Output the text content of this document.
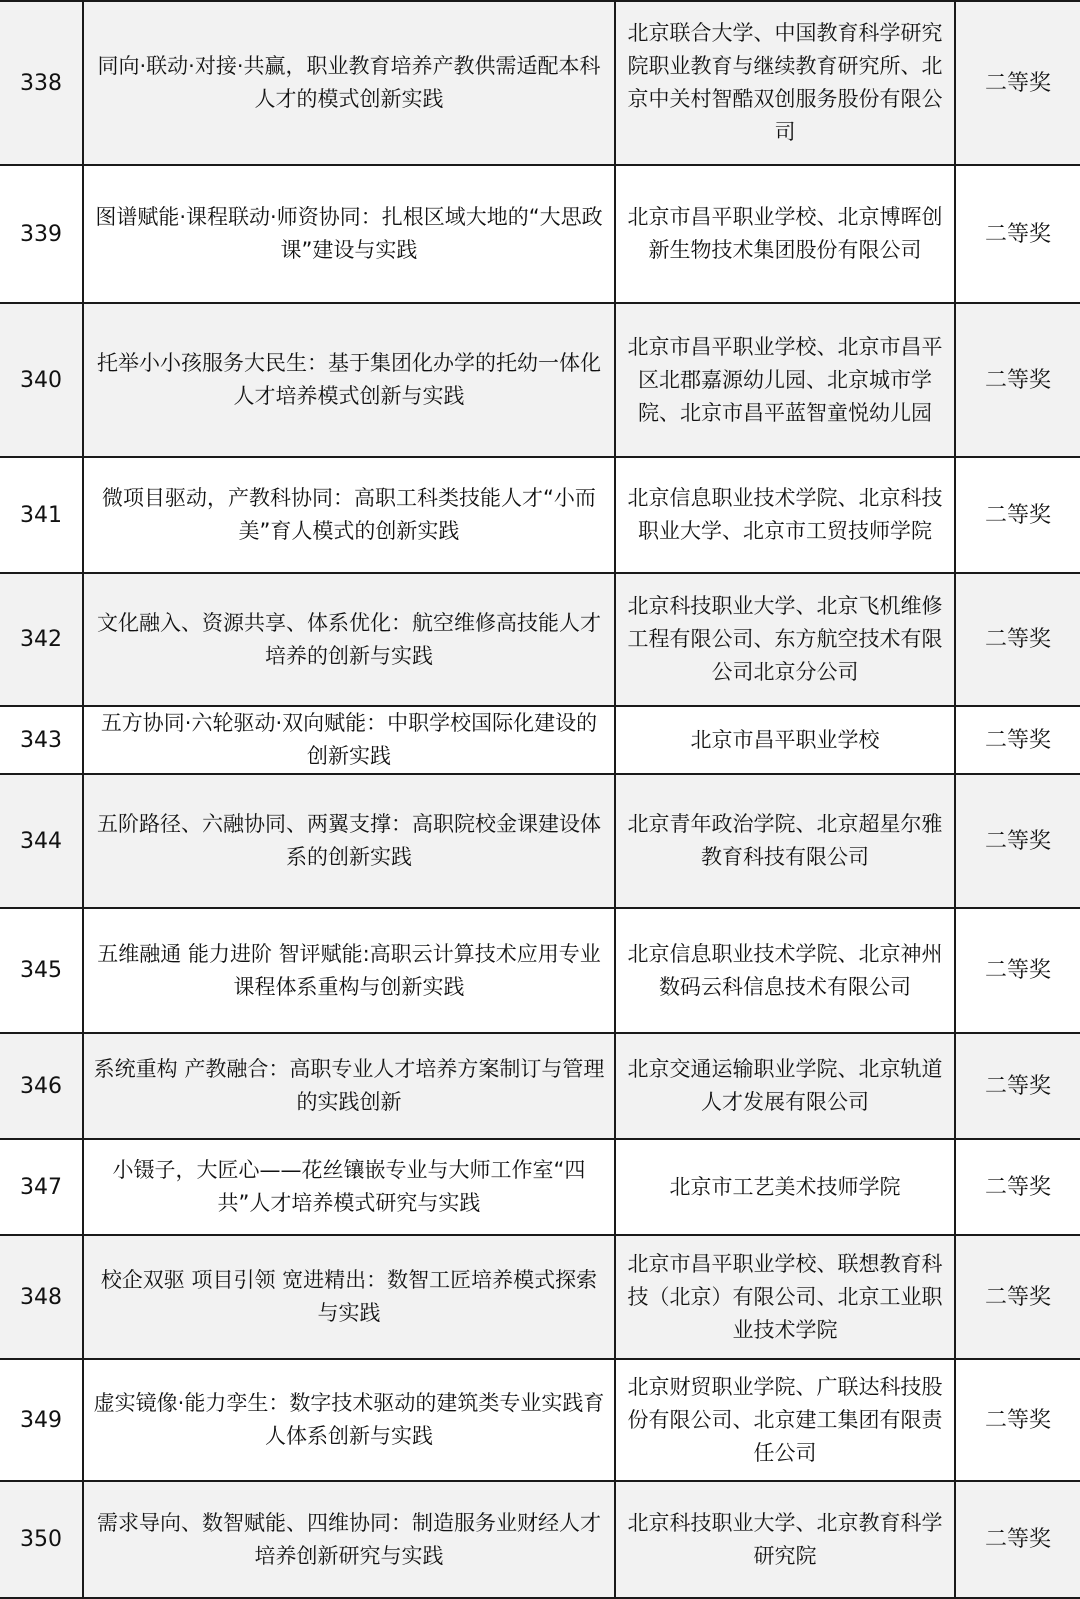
338	同向·联动·对接·共赢，职业教育培养产教供需适配本科人才的模式创新实践	北京联合大学、中国教育科学研究院职业教育与继续教育研究所、北京中关村智酷双创服务股份有限公司	二等奖
339	图谱赋能·课程联动·师资协同：扎根区域大地的“大思政课”建设与实践	北京市昌平职业学校、北京博晖创新生物技术集团股份有限公司	二等奖
340	托举小小孩服务大民生：基于集团化办学的托幼一体化人才培养模式创新与实践	北京市昌平职业学校、北京市昌平区北郡嘉源幼儿园、北京城市学院、北京市昌平蓝智童悦幼儿园	二等奖
341	微项目驱动，产教科协同：高职工科类技能人才“小而美”育人模式的创新实践	北京信息职业技术学院、北京科技职业大学、北京市工贸技师学院	二等奖
342	文化融入、资源共享、体系优化：航空维修高技能人才培养的创新与实践	北京科技职业大学、北京飞机维修工程有限公司、东方航空技术有限公司北京分公司	二等奖
343	五方协同·六轮驱动·双向赋能：中职学校国际化建设的创新实践	北京市昌平职业学校	二等奖
344	五阶路径、六融协同、两翼支撑：高职院校金课建设体系的创新实践	北京青年政治学院、北京超星尔雅教育科技有限公司	二等奖
345	五维融通 能力进阶 智评赋能:高职云计算技术应用专业课程体系重构与创新实践	北京信息职业技术学院、北京神州数码云科信息技术有限公司	二等奖
346	系统重构 产教融合：高职专业人才培养方案制订与管理的实践创新	北京交通运输职业学院、北京轨道人才发展有限公司	二等奖
347	小镊子，大匠心——花丝镶嵌专业与大师工作室“四共”人才培养模式研究与实践	北京市工艺美术技师学院	二等奖
348	校企双驱 项目引领 宽进精出：数智工匠培养模式探索与实践	北京市昌平职业学校、联想教育科技（北京）有限公司、北京工业职业技术学院	二等奖
349	虚实镜像·能力孪生：数字技术驱动的建筑类专业实践育人体系创新与实践	北京财贸职业学院、广联达科技股份有限公司、北京建工集团有限责任公司	二等奖
350	需求导向、数智赋能、四维协同：制造服务业财经人才培养创新研究与实践	北京科技职业大学、北京教育科学研究院	二等奖
